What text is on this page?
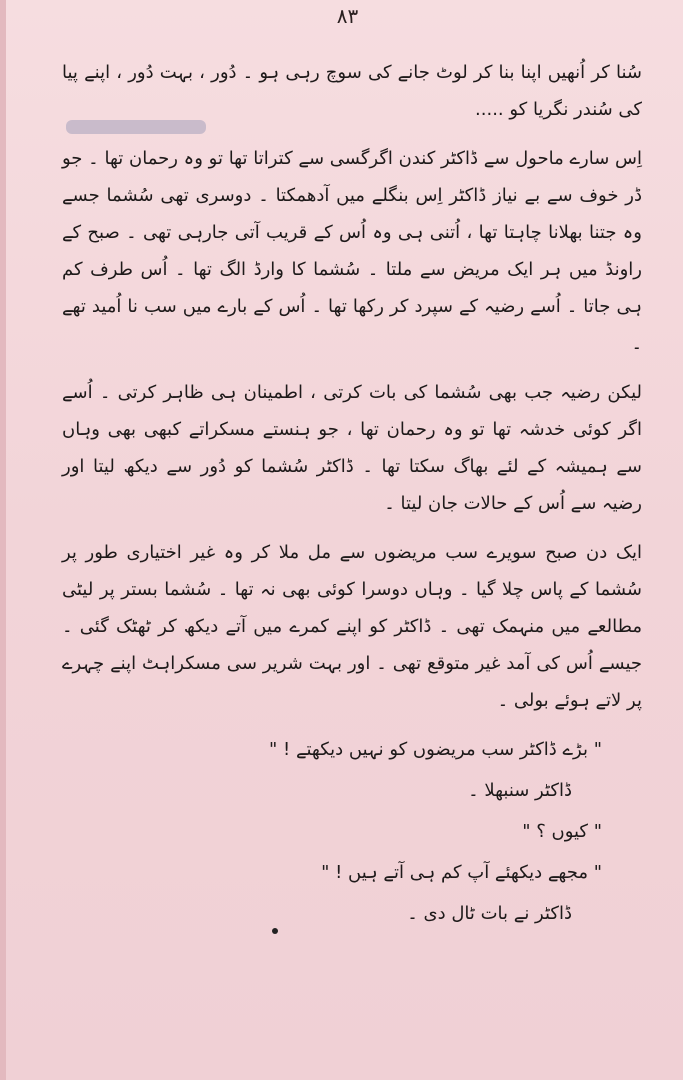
۸۳

سُنا کر اُنھیں اپنا بنا کر لوٹ جانے کی سوچ رہی ہو ۔ دُور ، بہت دُور ، اپنے پیا کی سُندر نگریا کو .....

اِس سارے ماحول سے ڈاکٹر کندن اگرگسی سے کتراتا تھا تو وہ رحمان تھا ۔ جو ڈر خوف سے بے نیاز ڈاکٹر اِس بنگلے میں آدھمکتا ۔ دوسری تھی سُشما جسے وہ جتنا بھلانا چاہتا تھا ، اُتنی ہی وہ اُس کے قریب آتی جارہی تھی ۔ صبح کے راونڈ میں ہر ایک مریض سے ملتا ۔ سُشما کا وارڈ الگ تھا ۔ اُس طرف کم ہی جاتا ۔ اُسے رضیہ کے سپرد کر رکھا تھا ۔ اُس کے بارے میں سب نا اُمید تھے ۔

لیکن رضیہ جب بھی سُشما کی بات کرتی ، اطمینان ہی ظاہر کرتی ۔ اُسے اگر کوئی خدشہ تھا تو وہ رحمان تھا ، جو ہنستے مسکراتے کبھی بھی وہاں سے ہمیشہ کے لئے بھاگ سکتا تھا ۔ ڈاکٹر سُشما کو دُور سے دیکھ لیتا اور رضیہ سے اُس کے حالات جان لیتا ۔

ایک دن صبح سویرے سب مریضوں سے مل ملا کر وہ غیر اختیاری طور پر سُشما کے پاس چلا گیا ۔ وہاں دوسرا کوئی بھی نہ تھا ۔ سُشما بستر پر لیٹی مطالعے میں منہمک تھی ۔ ڈاکٹر کو اپنے کمرے میں آتے دیکھ کر ٹھٹک گئی ۔ جیسے اُس کی آمد غیر متوقع تھی ۔ اور بہت شریر سی مسکراہٹ اپنے چہرے پر لاتے ہوئے بولی ۔

" بڑے ڈاکٹر سب مریضوں کو نہیں دیکھتے ! "

ڈاکٹر سنبھلا ۔

" کیوں ؟ "

" مجھے دیکھئے آپ کم ہی آتے ہیں ! "

ڈاکٹر نے بات ٹال دی ۔
